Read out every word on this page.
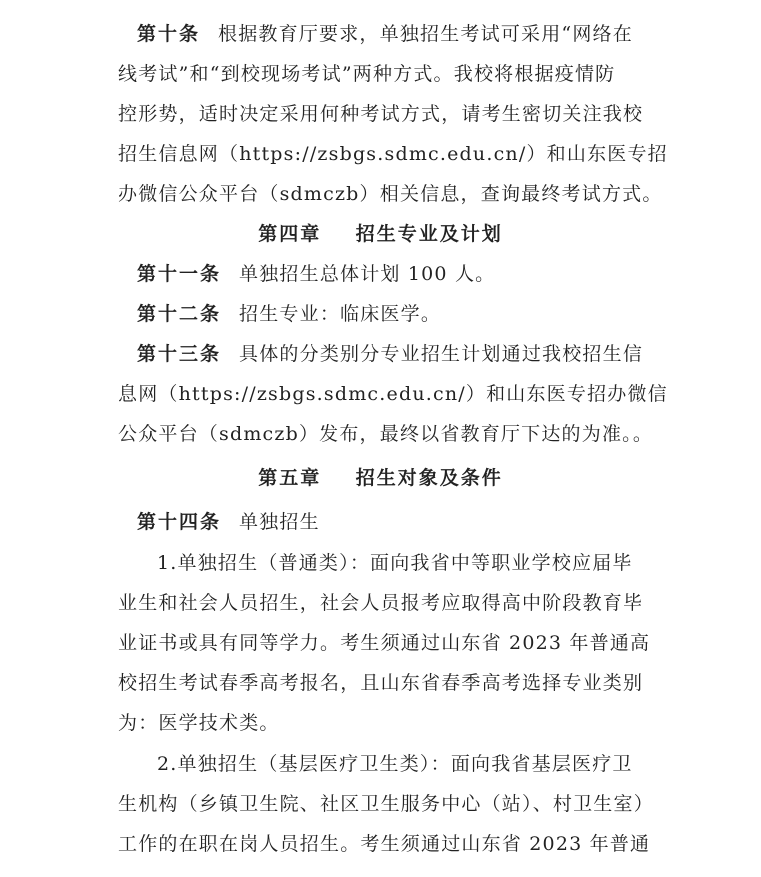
第十条 根据教育厅要求，单独招生考试可采用“网络在
线考试”和“到校现场考试”两种方式。我校将根据疫情防
控形势，适时决定采用何种考试方式，请考生密切关注我校
招生信息网（https://zsbgs.sdmc.edu.cn/）和山东医专招
办微信公众平台（sdmczb）相关信息，查询最终考试方式。
第四章    招生专业及计划
第十一条 单独招生总体计划 100 人。
第十二条 招生专业：临床医学。
第十三条 具体的分类别分专业招生计划通过我校招生信
息网（https://zsbgs.sdmc.edu.cn/）和山东医专招办微信
公众平台（sdmczb）发布，最终以省教育厅下达的为准。。
第五章    招生对象及条件
第十四条 单独招生
1.单独招生（普通类）：面向我省中等职业学校应届毕
业生和社会人员招生，社会人员报考应取得高中阶段教育毕
业证书或具有同等学力。考生须通过山东省 2023 年普通高
校招生考试春季高考报名，且山东省春季高考选择专业类别
为：医学技术类。
2.单独招生（基层医疗卫生类）：面向我省基层医疗卫
生机构（乡镇卫生院、社区卫生服务中心（站）、村卫生室）
工作的在职在岗人员招生。考生须通过山东省 2023 年普通
